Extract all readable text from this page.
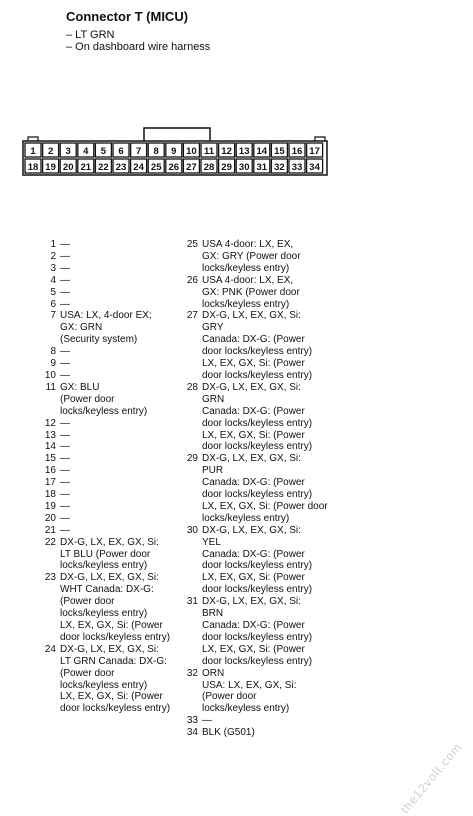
Connector T (MICU)
– LT GRN
– On dashboard wire harness
1 2 3 4 5 6 7 8 9 10 11 12 13 14 15 16 17
18 19 20 21 22 23 24 25 26 27 28 29 30 31 32 33 34
1 —
2 —
3 —
4 —
5 —
6 —
7 USA: LX, 4-door EX;
GX: GRN
(Security system)
8 —
9 —
10 —
11 GX: BLU
(Power door
locks/keyless entry)
12 —
13 —
14 —
15 —
16 —
17 —
18 —
19 —
20 —
21 —
22 DX-G, LX, EX, GX, Si:
LT BLU (Power door
locks/keyless entry)
23 DX-G, LX, EX, GX, Si:
WHT Canada: DX-G:
(Power door
locks/keyless entry)
LX, EX, GX, Si: (Power
door locks/keyless entry)
24 DX-G, LX, EX, GX, Si:
LT GRN Canada: DX-G:
(Power door
locks/keyless entry)
LX, EX, GX, Si: (Power
door locks/keyless entry)
25 USA 4-door: LX, EX,
GX: GRY (Power door
locks/keyless entry)
26 USA 4-door: LX, EX,
GX: PNK (Power door
locks/keyless entry)
27 DX-G, LX, EX, GX, Si:
GRY
Canada: DX-G: (Power
door locks/keyless entry)
LX, EX, GX, Si: (Power
door locks/keyless entry)
28 DX-G, LX, EX, GX, Si:
GRN
Canada: DX-G: (Power
door locks/keyless entry)
LX, EX, GX, Si: (Power
door locks/keyless entry)
29 DX-G, LX, EX, GX, Si:
PUR
Canada: DX-G: (Power
door locks/keyless entry)
LX, EX, GX, Si: (Power door
locks/keyless entry)
30 DX-G, LX, EX, GX, Si:
YEL
Canada: DX-G: (Power
door locks/keyless entry)
LX, EX, GX, Si: (Power
door locks/keyless entry)
31 DX-G, LX, EX, GX, Si:
BRN
Canada: DX-G: (Power
door locks/keyless entry)
LX, EX, GX, Si: (Power
door locks/keyless entry)
32 ORN
USA: LX, EX, GX, Si:
(Power door
locks/keyless entry)
33 —
34 BLK (G501)
the12volt.com
